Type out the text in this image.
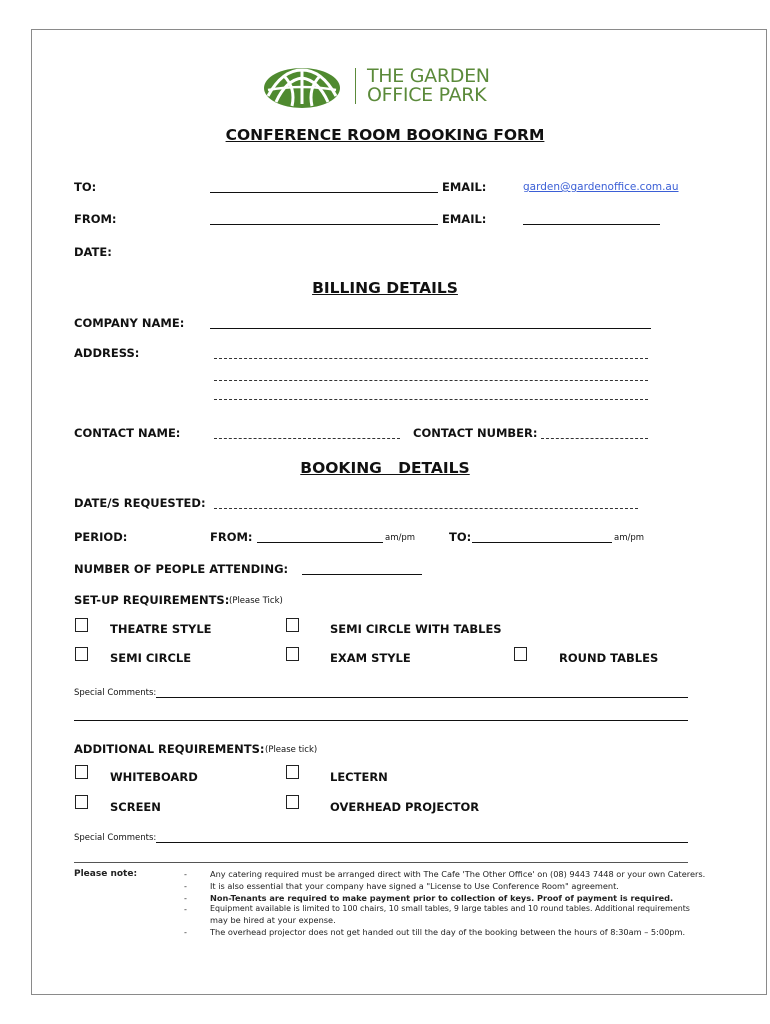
THE GARDEN
OFFICE PARK
CONFERENCE ROOM BOOKING FORM
TO:	EMAIL:	garden@gardenoffice.com.au
FROM:	EMAIL:
DATE:
BILLING DETAILS
COMPANY NAME:
ADDRESS:
CONTACT NAME:	CONTACT NUMBER:
BOOKING   DETAILS
DATE/S REQUESTED:
PERIOD:	FROM:	am/pm	TO:	am/pm
NUMBER OF PEOPLE ATTENDING:
SET-UP REQUIREMENTS: (Please Tick)
THEATRE STYLE	SEMI CIRCLE WITH TABLES
SEMI CIRCLE	EXAM STYLE	ROUND TABLES
Special Comments:
ADDITIONAL REQUIREMENTS: (Please tick)
WHITEBOARD	LECTERN
SCREEN	OVERHEAD PROJECTOR
Special Comments:
Please note:	-	Any catering required must be arranged direct with The Cafe 'The Other Office' on (08) 9443 7448 or your own Caterers.
-	It is also essential that your company have signed a "License to Use Conference Room" agreement.
-	Non-Tenants are required to make payment prior to collection of keys. Proof of payment is required.
-	Equipment available is limited to 100 chairs, 10 small tables, 9 large tables and 10 round tables. Additional requirements
may be hired at your expense.
-	The overhead projector does not get handed out till the day of the booking between the hours of 8:30am – 5:00pm.
